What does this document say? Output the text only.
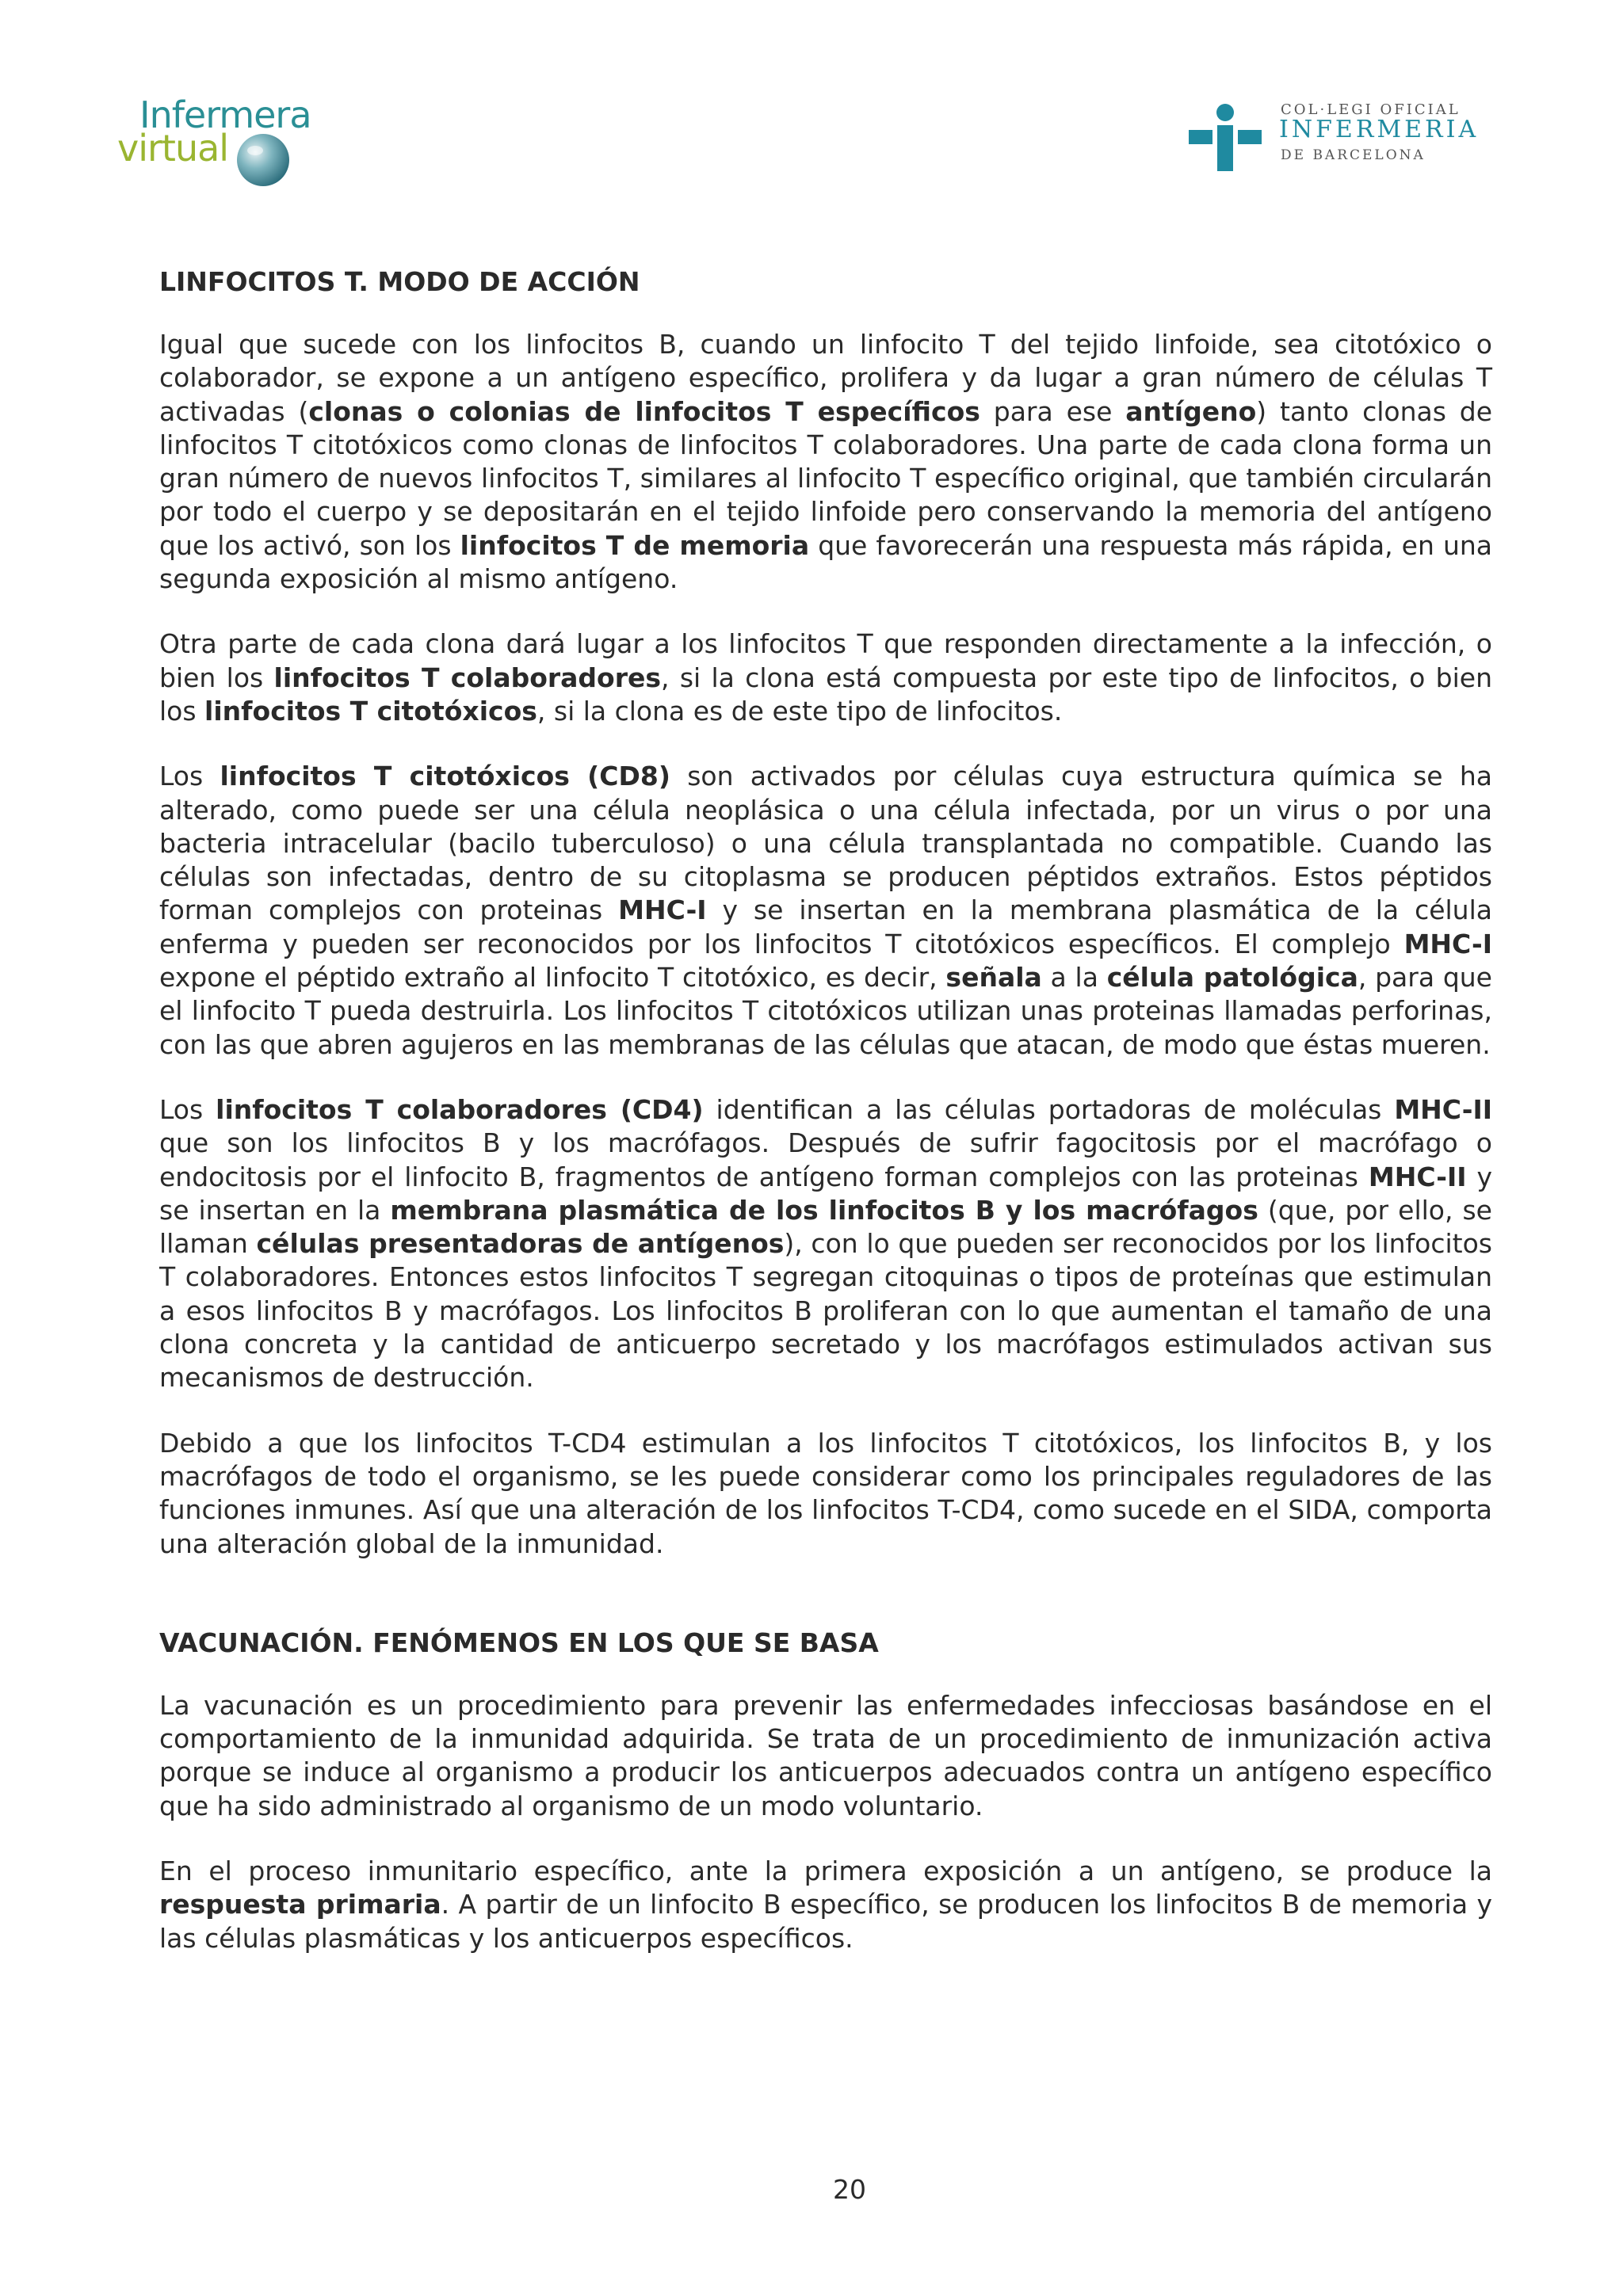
Infermera
virtual
COL·LEGI OFICIAL
INFERMERIA
DE BARCELONA
LINFOCITOS T. MODO DE ACCIÓN

Igual que sucede con los linfocitos B, cuando un linfocito T del tejido linfoide, sea citotóxico o colaborador, se expone a un antígeno específico, prolifera y da lugar a gran número de células T activadas (clonas o colonias de linfocitos T específicos para ese antígeno) tanto clonas de linfocitos T citotóxicos como clonas de linfocitos T colaboradores. Una parte de cada clona forma un gran número de nuevos linfocitos T, similares al linfocito T específico original, que también circularán por todo el cuerpo y se depositarán en el tejido linfoide pero conservando la memoria del antígeno que los activó, son los linfocitos T de memoria que favorecerán una respuesta más rápida, en una segunda exposición al mismo antígeno.

Otra parte de cada clona dará lugar a los linfocitos T que responden directamente a la infección, o bien los linfocitos T colaboradores, si la clona está compuesta por este tipo de linfocitos, o bien los linfocitos T citotóxicos, si la clona es de este tipo de linfocitos.

Los linfocitos T citotóxicos (CD8) son activados por células cuya estructura química se ha alterado, como puede ser una célula neoplásica o una célula infectada, por un virus o por una bacteria intracelular (bacilo tuberculoso) o una célula transplantada no compatible. Cuando las células son infectadas, dentro de su citoplasma se producen péptidos extraños. Estos péptidos forman complejos con proteinas MHC-I y se insertan en la membrana plasmática de la célula enferma y pueden ser reconocidos por los linfocitos T citotóxicos específicos. El complejo MHC-I expone el péptido extraño al linfocito T citotóxico, es decir, señala a la célula patológica, para que el linfocito T pueda destruirla. Los linfocitos T citotóxicos utilizan unas proteinas llamadas perforinas, con las que abren agujeros en las membranas de las células que atacan, de modo que éstas mueren.

Los linfocitos T colaboradores (CD4) identifican a las células portadoras de moléculas MHC-II que son los linfocitos B y los macrófagos. Después de sufrir fagocitosis por el macrófago o endocitosis por el linfocito B, fragmentos de antígeno forman complejos con las proteinas MHC-II y se insertan en la membrana plasmática de los linfocitos B y los macrófagos (que, por ello, se llaman células presentadoras de antígenos), con lo que pueden ser reconocidos por los linfocitos T colaboradores. Entonces estos linfocitos T segregan citoquinas o tipos de proteínas que estimulan a esos linfocitos B y macrófagos. Los linfocitos B proliferan con lo que aumentan el tamaño de una clona concreta y la cantidad de anticuerpo secretado y los macrófagos estimulados activan sus mecanismos de destrucción.

Debido a que los linfocitos T-CD4 estimulan a los linfocitos T citotóxicos, los linfocitos B, y los macrófagos de todo el organismo, se les puede considerar como los principales reguladores de las funciones inmunes. Así que una alteración de los linfocitos T-CD4, como sucede en el SIDA, comporta una alteración global de la inmunidad.

VACUNACIÓN. FENÓMENOS EN LOS QUE SE BASA

La vacunación es un procedimiento para prevenir las enfermedades infecciosas basándose en el comportamiento de la inmunidad adquirida. Se trata de un procedimiento de inmunización activa porque se induce al organismo a producir los anticuerpos adecuados contra un antígeno específico que ha sido administrado al organismo de un modo voluntario.

En el proceso inmunitario específico, ante la primera exposición a un antígeno, se produce la respuesta primaria. A partir de un linfocito B específico, se producen los linfocitos B de memoria y las células plasmáticas y los anticuerpos específicos.

20
